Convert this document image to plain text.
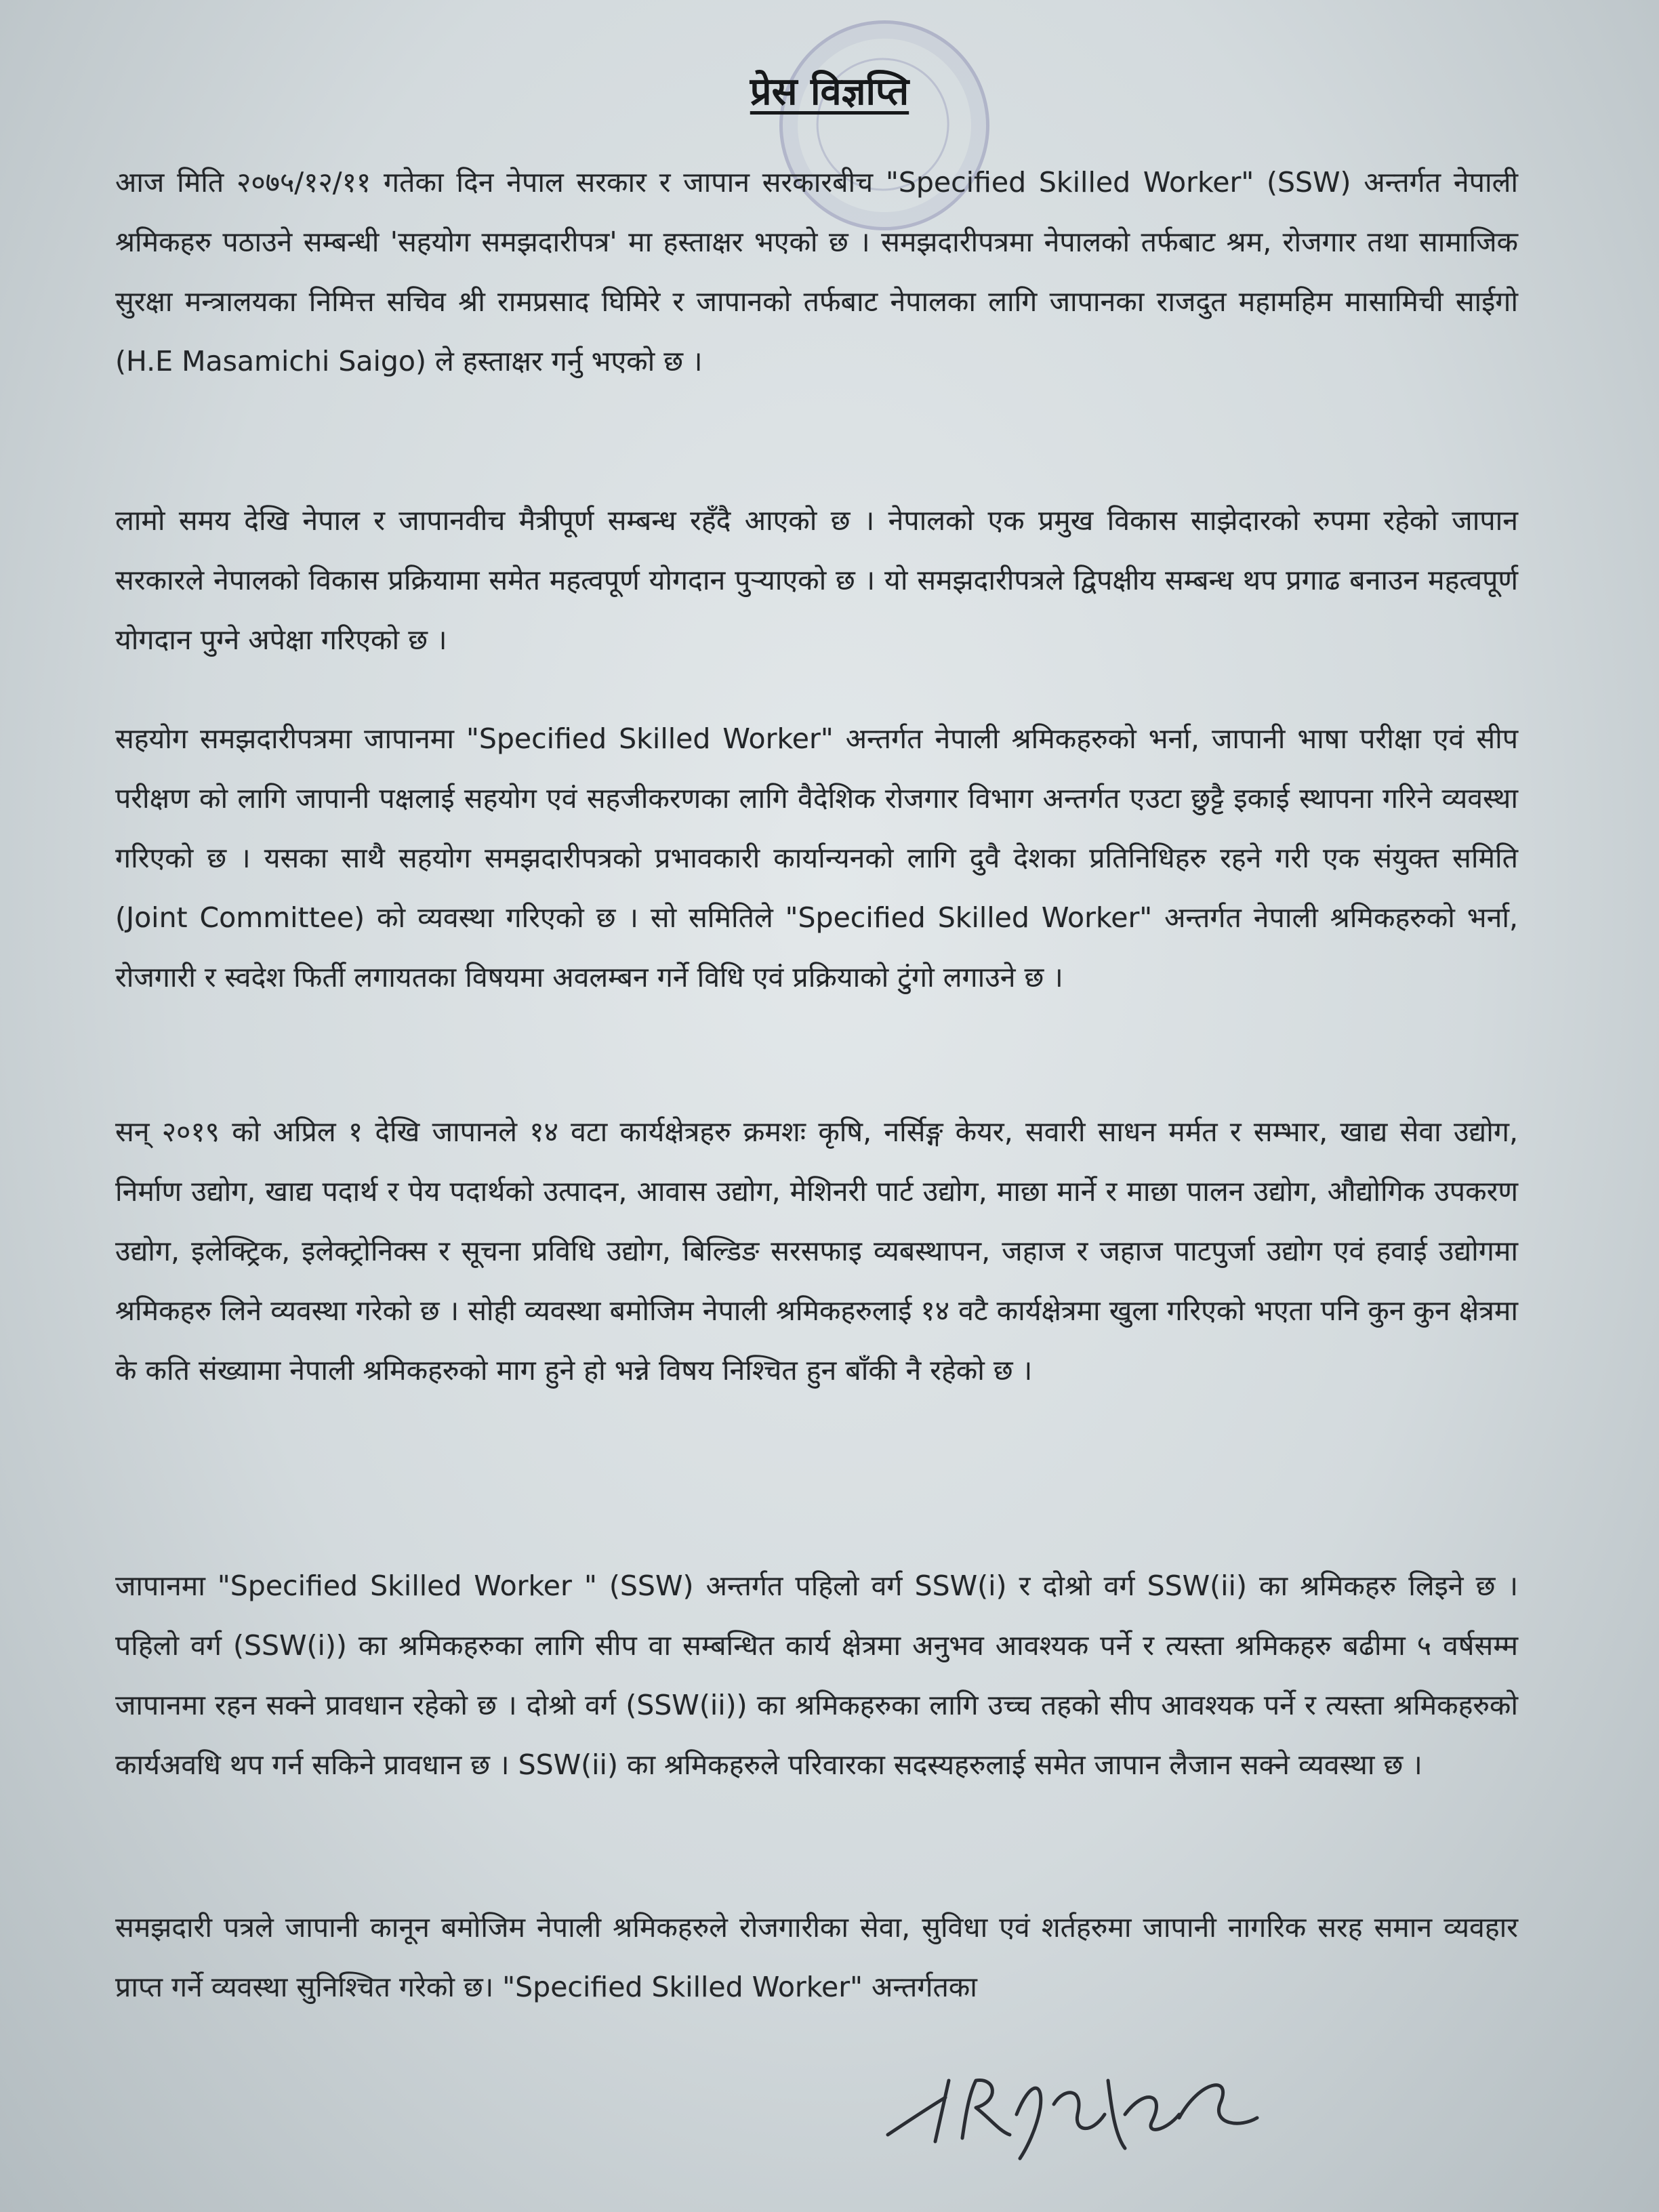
प्रेस विज्ञप्ति

आज मिति २०७५/१२/११ गतेका दिन नेपाल सरकार र जापान सरकारबीच "Specified Skilled Worker" (SSW) अन्तर्गत नेपाली श्रमिकहरु पठाउने सम्बन्धी 'सहयोग समझदारीपत्र' मा हस्ताक्षर भएको छ । समझदारीपत्रमा नेपालको तर्फबाट श्रम, रोजगार तथा सामाजिक सुरक्षा मन्त्रालयका निमित्त सचिव श्री रामप्रसाद घिमिरे र जापानको तर्फबाट नेपालका लागि जापानका राजदुत महामहिम मासामिची साईगो (H.E Masamichi Saigo) ले हस्ताक्षर गर्नु भएको छ ।

लामो समय देखि नेपाल र जापानवीच मैत्रीपूर्ण सम्बन्ध रहँदै आएको छ । नेपालको एक प्रमुख विकास साझेदारको रुपमा रहेको जापान सरकारले नेपालको विकास प्रक्रियामा समेत महत्वपूर्ण योगदान पुऱ्याएको छ । यो समझदारीपत्रले द्विपक्षीय सम्बन्ध थप प्रगाढ बनाउन महत्वपूर्ण योगदान पुग्ने अपेक्षा गरिएको छ ।

सहयोग समझदारीपत्रमा जापानमा "Specified Skilled Worker" अन्तर्गत नेपाली श्रमिकहरुको भर्ना, जापानी भाषा परीक्षा एवं सीप परीक्षण को लागि जापानी पक्षलाई सहयोग एवं सहजीकरणका लागि वैदेशिक रोजगार विभाग अन्तर्गत एउटा छुट्टै इकाई स्थापना गरिने व्यवस्था गरिएको छ । यसका साथै सहयोग समझदारीपत्रको प्रभावकारी कार्यान्यनको लागि दुवै देशका प्रतिनिधिहरु रहने गरी एक संयुक्त समिति (Joint Committee) को व्यवस्था गरिएको छ । सो समितिले "Specified Skilled Worker" अन्तर्गत नेपाली श्रमिकहरुको भर्ना, रोजगारी र स्वदेश फिर्ती लगायतका विषयमा अवलम्बन गर्ने विधि एवं प्रक्रियाको टुंगो लगाउने छ ।

सन् २०१९ को अप्रिल १ देखि जापानले १४ वटा कार्यक्षेत्रहरु क्रमशः कृषि, नर्सिङ्ग केयर, सवारी साधन मर्मत र सम्भार, खाद्य सेवा उद्योग, निर्माण उद्योग, खाद्य पदार्थ र पेय पदार्थको उत्पादन, आवास उद्योग, मेशिनरी पार्ट उद्योग, माछा मार्ने र माछा पालन उद्योग, औद्योगिक उपकरण उद्योग, इलेक्ट्रिक, इलेक्ट्रोनिक्स र सूचना प्रविधि उद्योग, बिल्डिङ सरसफाइ व्यबस्थापन, जहाज र जहाज पाटपुर्जा उद्योग एवं हवाई उद्योगमा श्रमिकहरु लिने व्यवस्था गरेको छ । सोही व्यवस्था बमोजिम नेपाली श्रमिकहरुलाई १४ वटै कार्यक्षेत्रमा खुला गरिएको भएता पनि कुन कुन क्षेत्रमा के कति संख्यामा नेपाली श्रमिकहरुको माग हुने हो भन्ने विषय निश्चित हुन बाँकी नै रहेको छ ।

जापानमा "Specified Skilled Worker " (SSW) अन्तर्गत पहिलो वर्ग SSW(i) र दोश्रो वर्ग SSW(ii) का श्रमिकहरु लिइने छ । पहिलो वर्ग (SSW(i)) का श्रमिकहरुका लागि सीप वा सम्बन्धित कार्य क्षेत्रमा अनुभव आवश्यक पर्ने र त्यस्ता श्रमिकहरु बढीमा ५ वर्षसम्म जापानमा रहन सक्ने प्रावधान रहेको छ । दोश्रो वर्ग (SSW(ii)) का श्रमिकहरुका लागि उच्च तहको सीप आवश्यक पर्ने र त्यस्ता श्रमिकहरुको कार्यअवधि थप गर्न सकिने प्रावधान छ । SSW(ii) का श्रमिकहरुले परिवारका सदस्यहरुलाई समेत जापान लैजान सक्ने व्यवस्था छ ।

समझदारी पत्रले जापानी कानून बमोजिम नेपाली श्रमिकहरुले रोजगारीका सेवा, सुविधा एवं शर्तहरुमा जापानी नागरिक सरह समान व्यवहार प्राप्त गर्ने व्यवस्था सुनिश्चित गरेको छ। "Specified Skilled Worker" अन्तर्गतका
